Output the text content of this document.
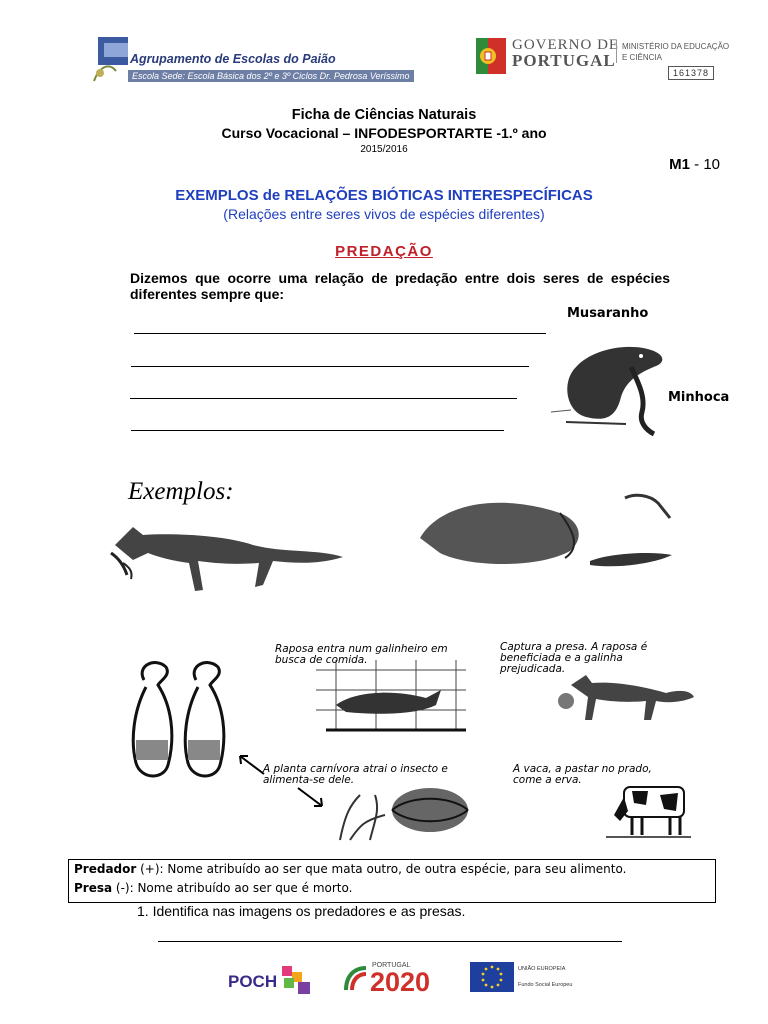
Agrupamento de Escolas do Paião
Escola Sede: Escola Básica dos 2º e 3º Ciclos Dr. Pedrosa Veríssimo
GOVERNO DE
PORTUGAL
MINISTÉRIO DA EDUCAÇÃO
E CIÊNCIA
161378
Ficha de Ciências Naturais
Curso Vocacional – INFODESPORTARTE -1.º ano
2015/2016
M1 - 10
EXEMPLOS de RELAÇÕES BIÓTICAS INTERESPECÍFICAS
(Relações entre seres vivos de espécies diferentes)
PREDAÇÃO
Dizemos que ocorre uma relação de predação entre dois seres de espécies diferentes sempre que:
Musaranho
Minhoca
Exemplos:
Raposa entra num galinheiro em busca de comida.
Captura a presa. A raposa é beneficiada e a galinha prejudicada.
A planta carnívora atrai o insecto e alimenta-se dele.
A vaca, a pastar no prado, come a erva.
Predador (+): Nome atribuído ao ser que mata outro, de outra espécie, para seu alimento.
Presa (-): Nome atribuído ao ser que é morto.
1. Identifica nas imagens os predadores e as presas.
POCH
PORTUGAL
2020	UNIÃO EUROPEIA
Fundo Social Europeu
